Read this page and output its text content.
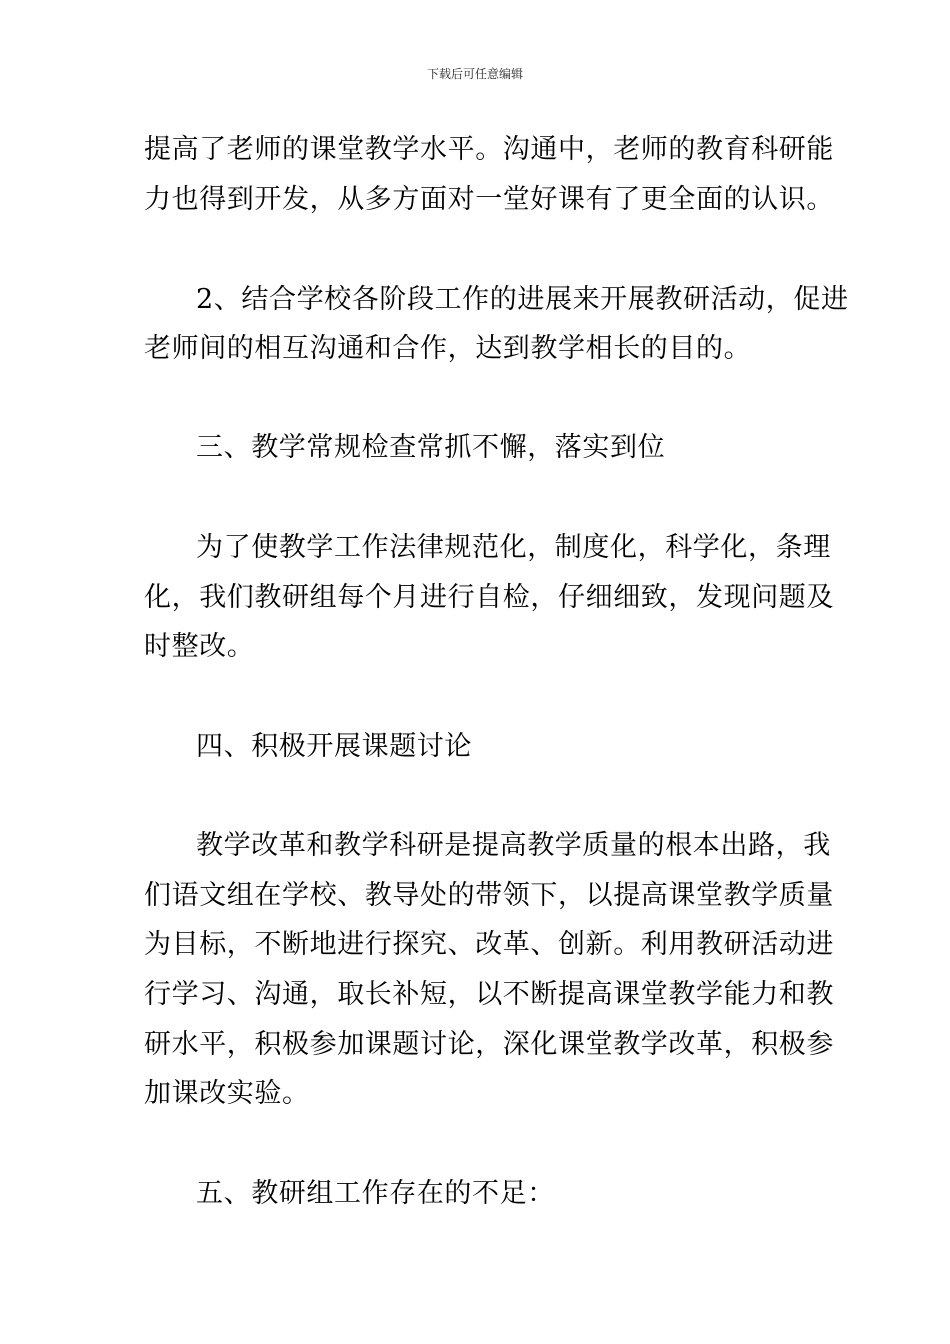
下载后可任意编辑
提高了老师的课堂教学水平。沟通中，老师的教育科研能
力也得到开发，从多方面对一堂好课有了更全面的认识。
2、结合学校各阶段工作的进展来开展教研活动，促进
老师间的相互沟通和合作，达到教学相长的目的。
三、教学常规检查常抓不懈，落实到位
为了使教学工作法律规范化，制度化，科学化，条理
化，我们教研组每个月进行自检，仔细细致，发现问题及
时整改。
四、积极开展课题讨论
教学改革和教学科研是提高教学质量的根本出路，我
们语文组在学校、教导处的带领下，以提高课堂教学质量
为目标，不断地进行探究、改革、创新。利用教研活动进
行学习、沟通，取长补短，以不断提高课堂教学能力和教
研水平，积极参加课题讨论，深化课堂教学改革，积极参
加课改实验。
五、教研组工作存在的不足：
